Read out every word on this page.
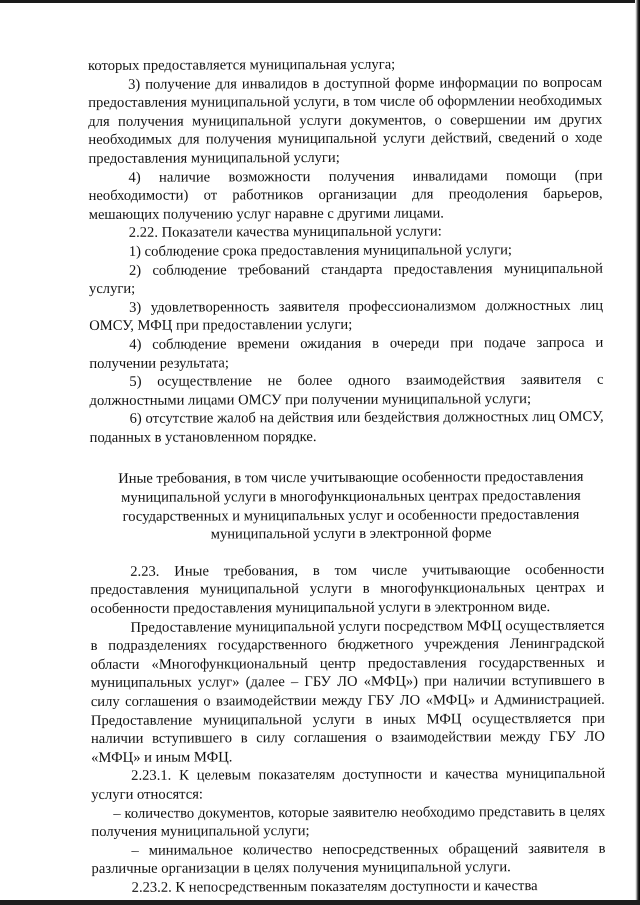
которых предоставляется муниципальная услуга;

3) получение для инвалидов в доступной форме информации по вопросам предоставления муниципальной услуги, в том числе об оформлении необходимых для получения муниципальной услуги документов, о совершении им других необходимых для получения муниципальной услуги действий, сведений о ходе предоставления муниципальной услуги;

4) наличие возможности получения инвалидами помощи (при необходимости) от работников организации для преодоления барьеров, мешающих получению услуг наравне с другими лицами.

2.22. Показатели качества муниципальной услуги:

1) соблюдение срока предоставления муниципальной услуги;

2) соблюдение требований стандарта предоставления муниципальной услуги;

3) удовлетворенность заявителя профессионализмом должностных лиц ОМСУ, МФЦ при предоставлении услуги;

4) соблюдение времени ожидания в очереди при подаче запроса и получении результата;

5) осуществление не более одного взаимодействия заявителя с должностными лицами ОМСУ при получении муниципальной услуги;

6) отсутствие жалоб на действия или бездействия должностных лиц ОМСУ, поданных в установленном порядке.

Иные требования, в том числе учитывающие особенности предоставления муниципальной услуги в многофункциональных центрах предоставления государственных и муниципальных услуг и особенности предоставления муниципальной услуги в электронной форме

2.23. Иные требования, в том числе учитывающие особенности предоставления муниципальной услуги в многофункциональных центрах и особенности предоставления муниципальной услуги в электронном виде.

Предоставление муниципальной услуги посредством МФЦ осуществляется в подразделениях государственного бюджетного учреждения Ленинградской области «Многофункциональный центр предоставления государственных и муниципальных услуг» (далее – ГБУ ЛО «МФЦ») при наличии вступившего в силу соглашения о взаимодействии между ГБУ ЛО «МФЦ» и Администрацией. Предоставление муниципальной услуги в иных МФЦ осуществляется при наличии вступившего в силу соглашения о взаимодействии между ГБУ ЛО «МФЦ» и иным МФЦ.

2.23.1. К целевым показателям доступности и качества муниципальной услуги относятся:

– количество документов, которые заявителю необходимо представить в целях получения муниципальной услуги;

– минимальное количество непосредственных обращений заявителя в различные организации в целях получения муниципальной услуги.

2.23.2. К непосредственным показателям доступности и качества
